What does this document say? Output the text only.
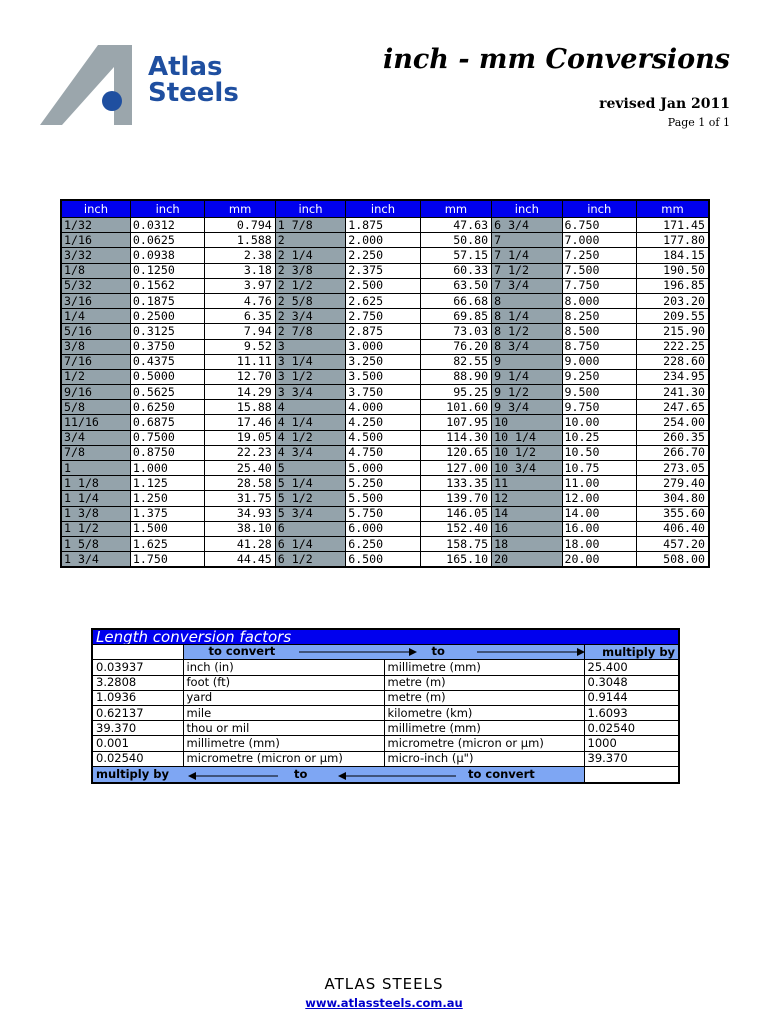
Atlas
Steels
inch - mm Conversions
revised Jan 2011
Page 1 of 1
inch	inch	mm	inch	inch	mm	inch	inch	mm
1/32	0.0312	0.794	1 7/8	1.875	47.63	6 3/4	6.750	171.45
1/16	0.0625	1.588	2	2.000	50.80	7	7.000	177.80
3/32	0.0938	2.38	2 1/4	2.250	57.15	7 1/4	7.250	184.15
1/8	0.1250	3.18	2 3/8	2.375	60.33	7 1/2	7.500	190.50
5/32	0.1562	3.97	2 1/2	2.500	63.50	7 3/4	7.750	196.85
3/16	0.1875	4.76	2 5/8	2.625	66.68	8	8.000	203.20
1/4	0.2500	6.35	2 3/4	2.750	69.85	8 1/4	8.250	209.55
5/16	0.3125	7.94	2 7/8	2.875	73.03	8 1/2	8.500	215.90
3/8	0.3750	9.52	3	3.000	76.20	8 3/4	8.750	222.25
7/16	0.4375	11.11	3 1/4	3.250	82.55	9	9.000	228.60
1/2	0.5000	12.70	3 1/2	3.500	88.90	9 1/4	9.250	234.95
9/16	0.5625	14.29	3 3/4	3.750	95.25	9 1/2	9.500	241.30
5/8	0.6250	15.88	4	4.000	101.60	9 3/4	9.750	247.65
11/16	0.6875	17.46	4 1/4	4.250	107.95	10	10.00	254.00
3/4	0.7500	19.05	4 1/2	4.500	114.30	10 1/4	10.25	260.35
7/8	0.8750	22.23	4 3/4	4.750	120.65	10 1/2	10.50	266.70
1	1.000	25.40	5	5.000	127.00	10 3/4	10.75	273.05
1 1/8	1.125	28.58	5 1/4	5.250	133.35	11	11.00	279.40
1 1/4	1.250	31.75	5 1/2	5.500	139.70	12	12.00	304.80
1 3/8	1.375	34.93	5 3/4	5.750	146.05	14	14.00	355.60
1 1/2	1.500	38.10	6	6.000	152.40	16	16.00	406.40
1 5/8	1.625	41.28	6 1/4	6.250	158.75	18	18.00	457.20
1 3/4	1.750	44.45	6 1/2	6.500	165.10	20	20.00	508.00
Length conversion factors			

	to convert to		multiply by
0.03937	inch (in)	millimetre (mm)	25.400
3.2808	foot (ft)	metre (m)	0.3048
1.0936	yard	metre (m)	0.9144
0.62137	mile	kilometre (km)	1.6093
39.370	thou or mil	millimetre (mm)	0.02540
0.001	millimetre (mm)	micrometre (micron or µm)	1000
0.02540	micrometre (micron or µm)	micro-inch (µ")	39.370

multiply by to to convert			

ATLAS STEELS
www.atlassteels.com.au
